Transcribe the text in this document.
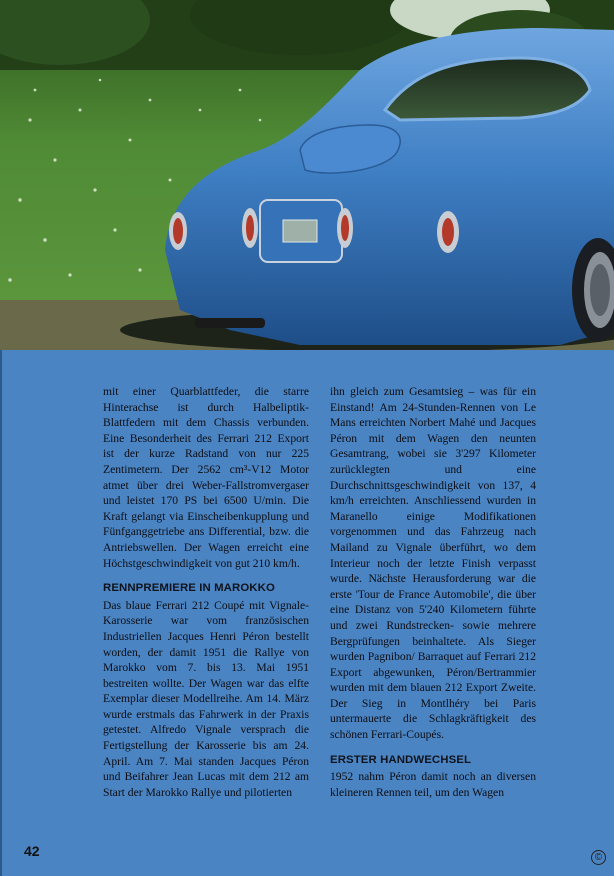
mit einer Quarblattfeder, die starre Hinterachse ist durch Halbeliptik-Blattfedern mit dem Chassis verbunden. Eine Besonderheit des Ferrari 212 Export ist der kurze Radstand von nur 225 Zentimetern. Der 2562 cm³-V12 Motor atmet über drei Weber-Fallstromvergaser und leistet 170 PS bei 6500 U/min. Die Kraft gelangt via Einscheibenkupplung und Fünfganggetriebe ans Differential, bzw. die Antriebswellen. Der Wagen erreicht eine Höchstgeschwindigkeit von gut 210 km/h.

RENNPREMIERE IN MAROKKO

Das blaue Ferrari 212 Coupé mit Vignale-Karosserie war vom französischen Industriellen Jacques Henri Péron bestellt worden, der damit 1951 die Rallye von Marokko vom 7. bis 13. Mai 1951 bestreiten wollte. Der Wagen war das elfte Exemplar dieser Modellreihe. Am 14. März wurde erstmals das Fahrwerk in der Praxis getestet. Alfredo Vignale versprach die Fertigstellung der Karosserie bis am 24. April. Am 7. Mai standen Jacques Péron und Beifahrer Jean Lucas mit dem 212 am Start der Marokko Rallye und pilotierten

ihn gleich zum Gesamtsieg – was für ein Einstand! Am 24-Stunden-Rennen von Le Mans erreichten Norbert Mahé und Jacques Péron mit dem Wagen den neunten Gesamtrang, wobei sie 3'297 Kilometer zurücklegten und eine Durchschnittsgeschwindigkeit von 137, 4 km/h erreichten. Anschliessend wurden in Maranello einige Modifikationen vorgenommen und das Fahrzeug nach Mailand zu Vignale überführt, wo dem Interieur noch der letzte Finish verpasst wurde. Nächste Herausforderung war die erste 'Tour de France Automobile', die über eine Distanz von 5'240 Kilometern führte und zwei Rundstrecken- sowie mehrere Bergprüfungen beinhaltete. Als Sieger wurden Pagnibon/ Barraquet auf Ferrari 212 Export abgewunken, Péron/Bertrammier wurden mit dem blauen 212 Export Zweite. Der Sieg in Montlhéry bei Paris untermauerte die Schlagkräftigkeit des schönen Ferrari-Coupés.

ERSTER HANDWECHSEL

1952 nahm Péron damit noch an diversen kleineren Rennen teil, um den Wagen

42	©
